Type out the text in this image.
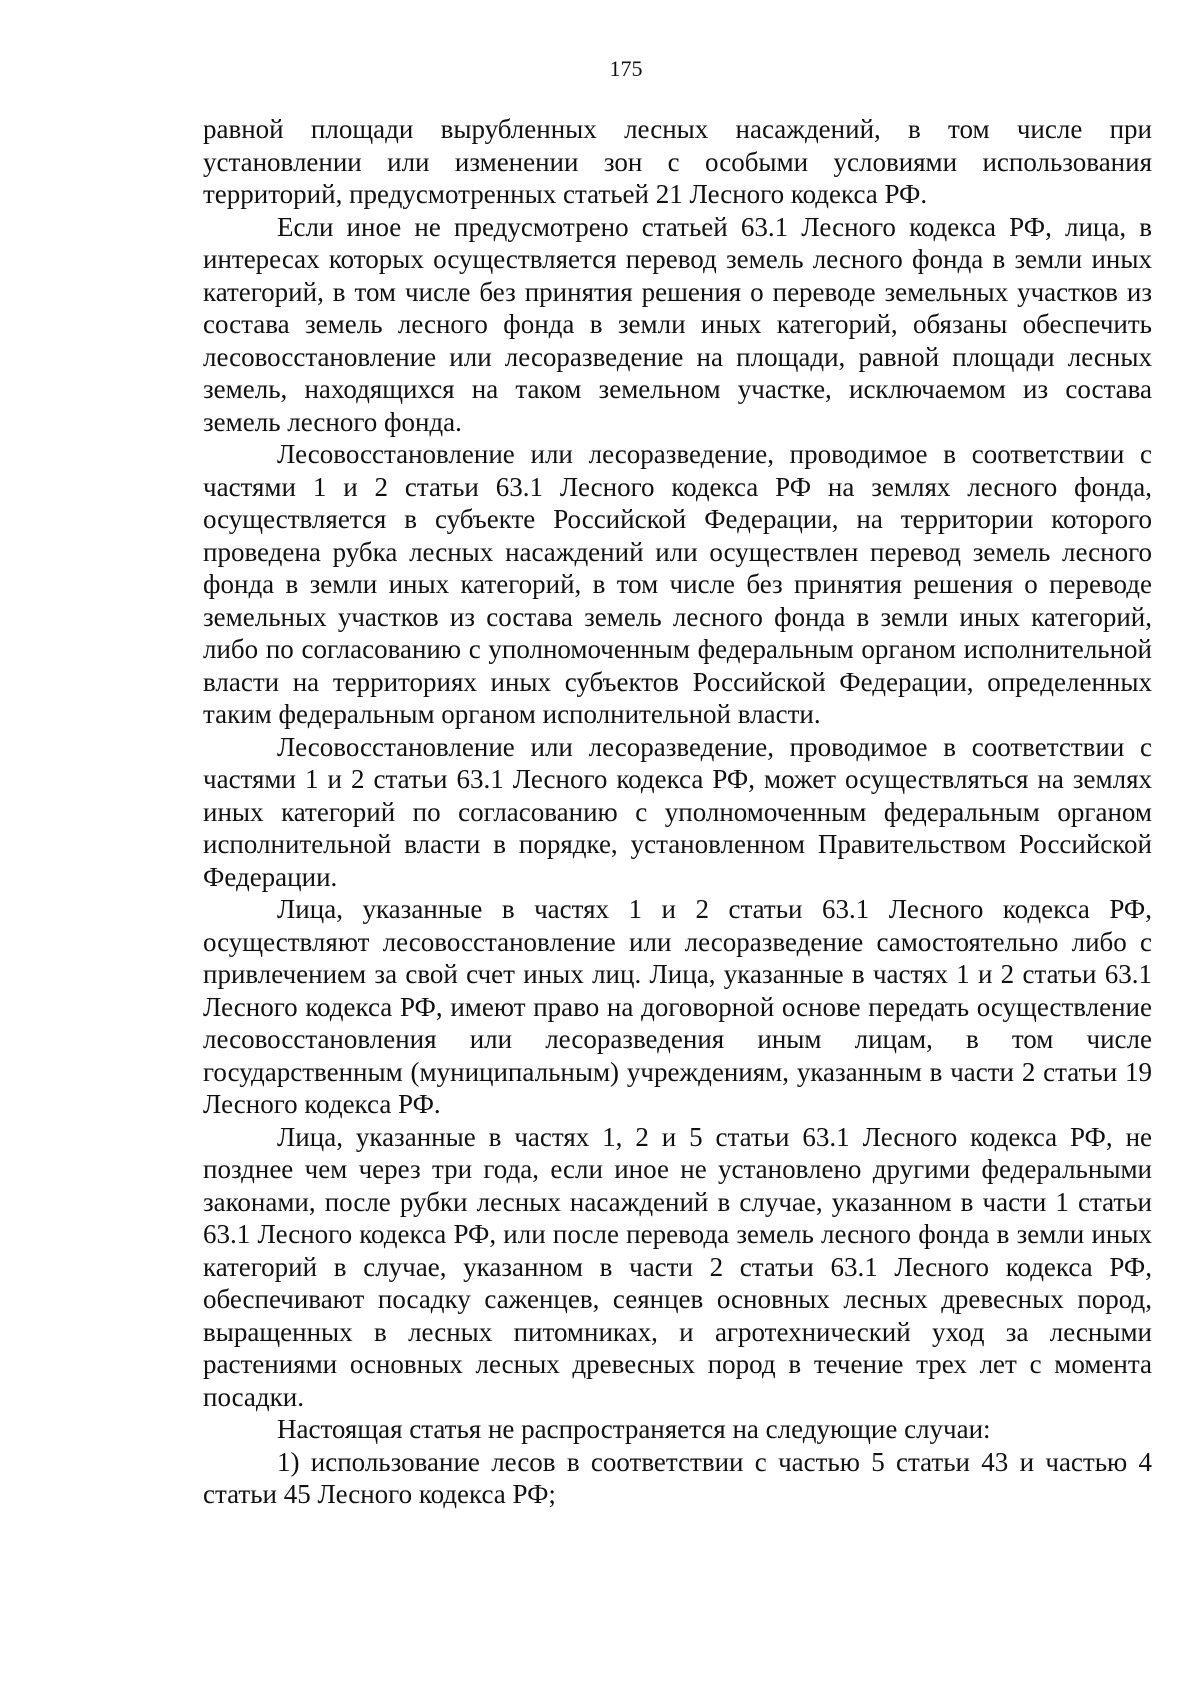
175

равной площади вырубленных лесных насаждений, в том числе при установлении или изменении зон с особыми условиями использования территорий, предусмотренных статьей 21 Лесного кодекса РФ.

Если иное не предусмотрено статьей 63.1 Лесного кодекса РФ, лица, в интересах которых осуществляется перевод земель лесного фонда в земли иных категорий, в том числе без принятия решения о переводе земельных участков из состава земель лесного фонда в земли иных категорий, обязаны обеспечить лесовосстановление или лесоразведение на площади, равной площади лесных земель, находящихся на таком земельном участке, исключаемом из состава земель лесного фонда.

Лесовосстановление или лесоразведение, проводимое в соответствии с частями 1 и 2 статьи 63.1 Лесного кодекса РФ на землях лесного фонда, осуществляется в субъекте Российской Федерации, на территории которого проведена рубка лесных насаждений или осуществлен перевод земель лесного фонда в земли иных категорий, в том числе без принятия решения о переводе земельных участков из состава земель лесного фонда в земли иных категорий, либо по согласованию с уполномоченным федеральным органом исполнительной власти на территориях иных субъектов Российской Федерации, определенных таким федеральным органом исполнительной власти.

Лесовосстановление или лесоразведение, проводимое в соответствии с частями 1 и 2 статьи 63.1 Лесного кодекса РФ, может осуществляться на землях иных категорий по согласованию с уполномоченным федеральным органом исполнительной власти в порядке, установленном Правительством Российской Федерации.

Лица, указанные в частях 1 и 2 статьи 63.1 Лесного кодекса РФ, осуществляют лесовосстановление или лесоразведение самостоятельно либо с привлечением за свой счет иных лиц. Лица, указанные в частях 1 и 2 статьи 63.1 Лесного кодекса РФ, имеют право на договорной основе передать осуществление лесовосстановления или лесоразведения иным лицам, в том числе государственным (муниципальным) учреждениям, указанным в части 2 статьи 19 Лесного кодекса РФ.

Лица, указанные в частях 1, 2 и 5 статьи 63.1 Лесного кодекса РФ, не позднее чем через три года, если иное не установлено другими федеральными законами, после рубки лесных насаждений в случае, указанном в части 1 статьи 63.1 Лесного кодекса РФ, или после перевода земель лесного фонда в земли иных категорий в случае, указанном в части 2 статьи 63.1 Лесного кодекса РФ, обеспечивают посадку саженцев, сеянцев основных лесных древесных пород, выращенных в лесных питомниках, и агротехнический уход за лесными растениями основных лесных древесных пород в течение трех лет с момента посадки.

Настоящая статья не распространяется на следующие случаи:

1) использование лесов в соответствии с частью 5 статьи 43 и частью 4 статьи 45 Лесного кодекса РФ;
